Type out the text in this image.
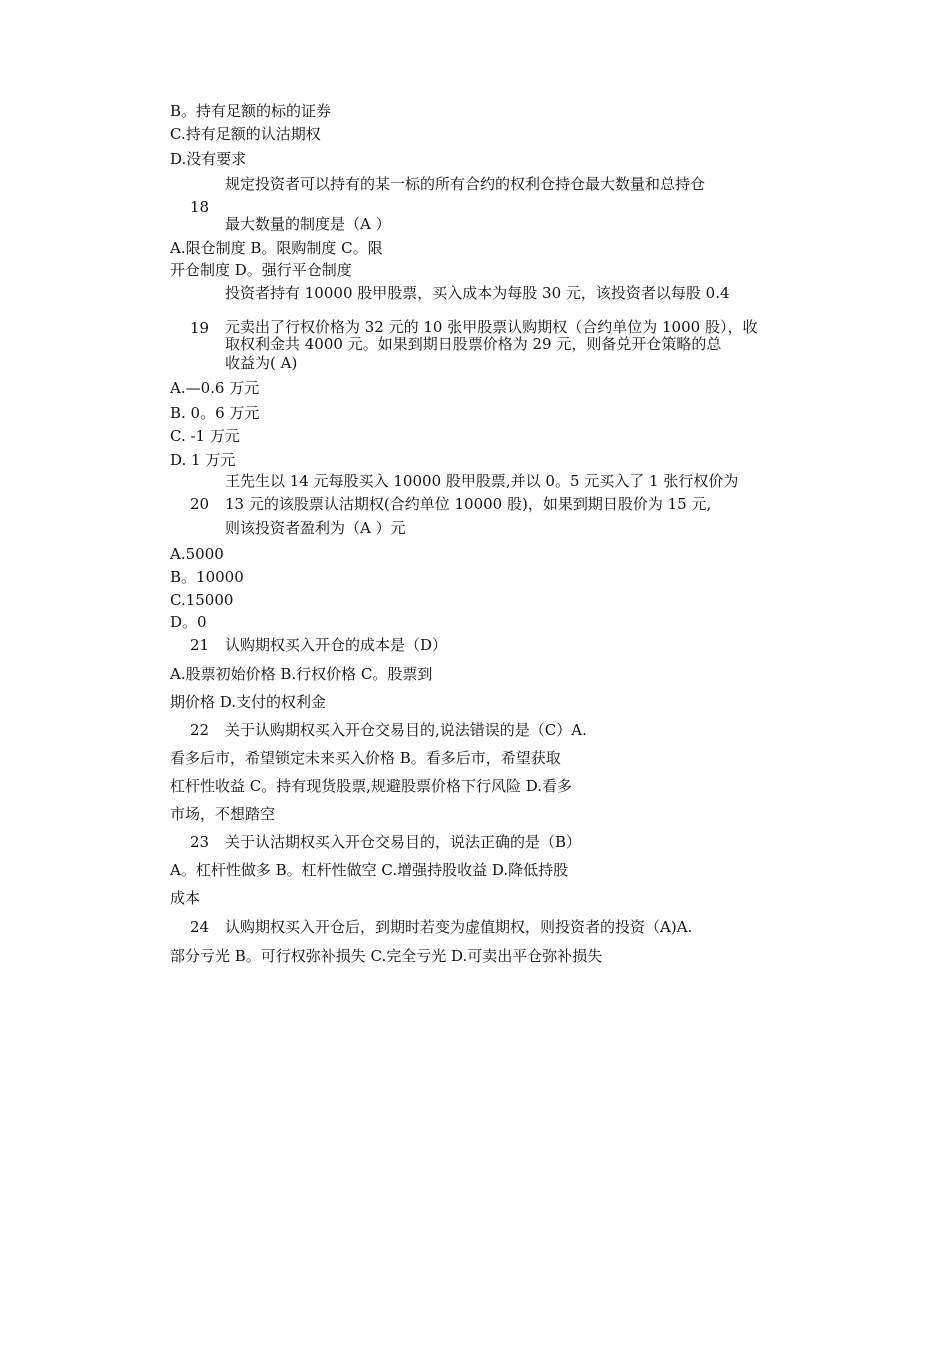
B。持有足额的标的证券
C.持有足额的认沽期权
D.没有要求
规定投资者可以持有的某一标的所有合约的权利仓持仓最大数量和总持仓
18
最大数量的制度是（A ）
A.限仓制度 B。限购制度 C。限
开仓制度 D。强行平仓制度
投资者持有 10000 股甲股票，买入成本为每股 30 元，该投资者以每股 0.4
19 元卖出了行权价格为 32 元的 10 张甲股票认购期权（合约单位为 1000 股），收
取权利金共 4000 元。如果到期日股票价格为 29 元，则备兑开仓策略的总
收益为( A)
A.—0.6 万元
B. 0。6 万元
C. -1 万元
D. 1 万元
王先生以 14 元每股买入 10000 股甲股票,并以 0。5 元买入了 1 张行权价为
20 13 元的该股票认沽期权(合约单位 10000 股)，如果到期日股价为 15 元,
则该投资者盈利为（A ）元
A.5000
B。10000
C.15000
D。0
21 认购期权买入开仓的成本是（D）
A.股票初始价格 B.行权价格 C。股票到
期价格 D.支付的权利金
22 关于认购期权买入开仓交易目的,说法错误的是（C）A.
看多后市，希望锁定未来买入价格 B。看多后市，希望获取
杠杆性收益 C。持有现货股票,规避股票价格下行风险 D.看多
市场，不想踏空
23 关于认沽期权买入开仓交易目的，说法正确的是（B）
A。杠杆性做多 B。杠杆性做空 C.增强持股收益 D.降低持股
成本
24 认购期权买入开仓后，到期时若变为虚值期权，则投资者的投资（A)A.
部分亏光 B。可行权弥补损失 C.完全亏光 D.可卖出平仓弥补损失
